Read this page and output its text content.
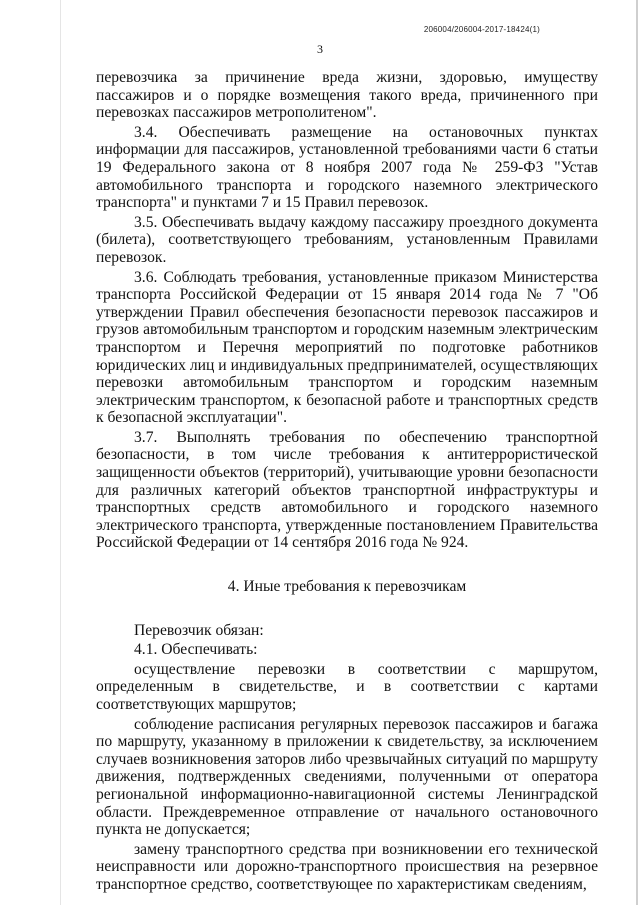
206004/206004-2017-18424(1)
3

перевозчика за причинение вреда жизни, здоровью, имуществу пассажиров и о порядке возмещения такого вреда, причиненного при перевозках пассажиров метрополитеном".

3.4. Обеспечивать размещение на остановочных пунктах информации для пассажиров, установленной требованиями части 6 статьи 19 Федерального закона от 8 ноября 2007 года № 259-ФЗ "Устав автомобильного транспорта и городского наземного электрического транспорта" и пунктами 7 и 15 Правил перевозок.

3.5. Обеспечивать выдачу каждому пассажиру проездного документа (билета), соответствующего требованиям, установленным Правилами перевозок.

3.6. Соблюдать требования, установленные приказом Министерства транспорта Российской Федерации от 15 января 2014 года № 7 "Об утверждении Правил обеспечения безопасности перевозок пассажиров и грузов автомобильным транспортом и городским наземным электрическим транспортом и Перечня мероприятий по подготовке работников юридических лиц и индивидуальных предпринимателей, осуществляющих перевозки автомобильным транспортом и городским наземным электрическим транспортом, к безопасной работе и транспортных средств к безопасной эксплуатации".

3.7. Выполнять требования по обеспечению транспортной безопасности, в том числе требования к антитеррористической защищенности объектов (территорий), учитывающие уровни безопасности для различных категорий объектов транспортной инфраструктуры и транспортных средств автомобильного и городского наземного электрического транспорта, утвержденные постановлением Правительства Российской Федерации от 14 сентября 2016 года № 924.

4. Иные требования к перевозчикам

Перевозчик обязан:

4.1. Обеспечивать:

осуществление перевозки в соответствии с маршрутом, определенным в свидетельстве, и в соответствии с картами соответствующих маршрутов;

соблюдение расписания регулярных перевозок пассажиров и багажа по маршруту, указанному в приложении к свидетельству, за исключением случаев возникновения заторов либо чрезвычайных ситуаций по маршруту движения, подтвержденных сведениями, полученными от оператора региональной информационно-навигационной системы Ленинградской области. Преждевременное отправление от начального остановочного пункта не допускается;

замену транспортного средства при возникновении его технической неисправности или дорожно-транспортного происшествия на резервное транспортное средство, соответствующее по характеристикам сведениям,
